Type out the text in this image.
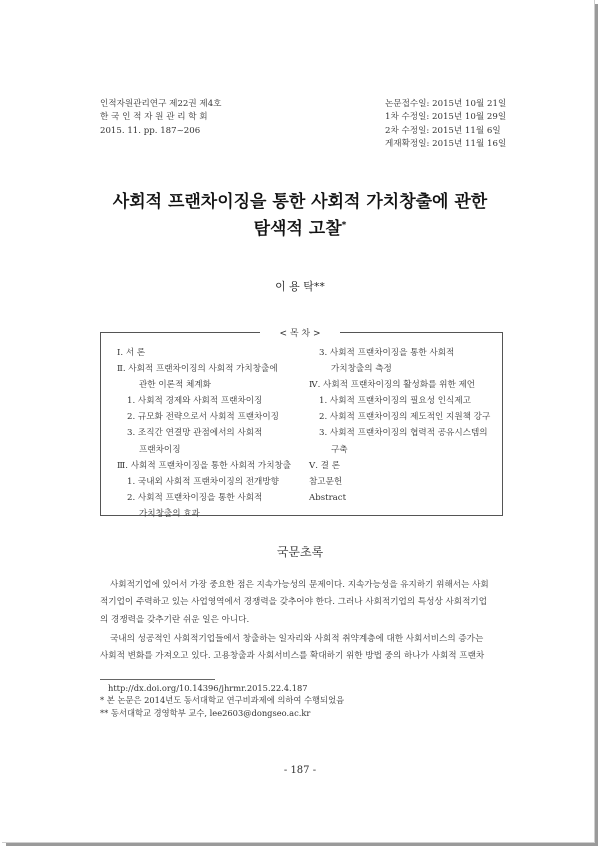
인적자원관리연구 제22권 제4호
한 국 인 적 자 원 관 리 학 회
2015. 11. pp. 187~206
논문접수일: 2015년 10월 21일
1차 수정일: 2015년 10월 29일
2차 수정일: 2015년 11월 6일
게재확정일: 2015년 11월 16일
사회적 프랜차이징을 통한 사회적 가치창출에 관한
탐색적 고찰*
이 용 탁**
< 목 차 >
Ⅰ. 서 론
Ⅱ. 사회적 프랜차이징의 사회적 가치창출에
관한 이론적 체계화
1. 사회적 경제와 사회적 프랜차이징
2. 규모화 전략으로서 사회적 프랜차이징
3. 조직간 연결망 관점에서의 사회적
프랜차이징
Ⅲ. 사회적 프랜차이징을 통한 사회적 가치창출
1. 국내외 사회적 프랜차이징의 전개방향
2. 사회적 프랜차이징을 통한 사회적
가치창출의 효과
3. 사회적 프랜차이징을 통한 사회적
가치창출의 측정
Ⅳ. 사회적 프랜차이징의 활성화를 위한 제언
1. 사회적 프랜차이징의 필요성 인식제고
2. 사회적 프랜차이징의 제도적인 지원책 강구
3. 사회적 프랜차이징의 협력적 공유시스템의
구축
Ⅴ. 결 론
참고문헌
Abstract
국문초록
사회적기업에 있어서 가장 중요한 점은 지속가능성의 문제이다. 지속가능성을 유지하기 위해서는 사회
적기업이 주력하고 있는 사업영역에서 경쟁력을 갖추어야 한다. 그러나 사회적기업의 특성상 사회적기업
의 경쟁력을 갖추기란 쉬운 일은 아니다.
국내의 성공적인 사회적기업들에서 창출하는 일자리와 사회적 취약계층에 대한 사회서비스의 증가는
사회적 변화를 가져오고 있다. 고용창출과 사회서비스를 확대하기 위한 방법 중의 하나가 사회적 프랜차
http://dx.doi.org/10.14396/jhrmr.2015.22.4.187
* 본 논문은 2014년도 동서대학교 연구비과제에 의하여 수행되었음
** 동서대학교 경영학부 교수, lee2603@dongseo.ac.kr
- 187 -
